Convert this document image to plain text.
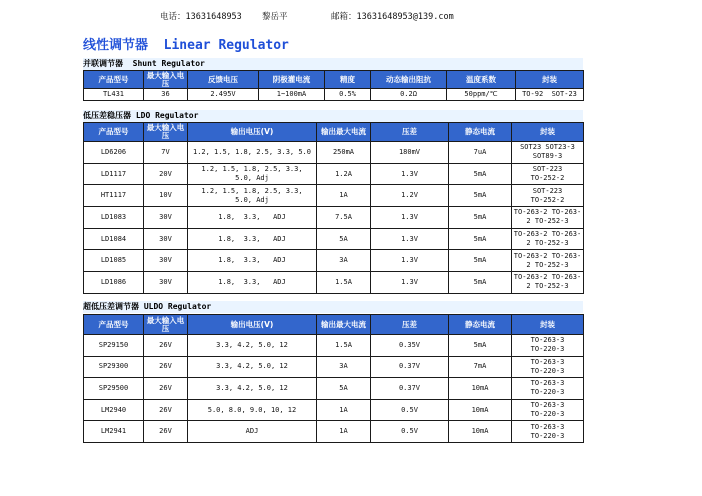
电话：13631648953 黎岳平	邮箱：13631648953@139.com
线性调节器  Linear Regulator
并联调节器  Shunt Regulator
产品型号	最大输入电压	反馈电压	阴极灌电流	精度	动态输出阻抗	温度系数	封装
TL431	36	2.495V	1~100mA	0.5%	0.2Ω	50ppm/℃	TO-92  SOT-23
低压差稳压器 LDO Regulator
产品型号	最大输入电压	输出电压(V)	输出最大电流	压差	静态电流	封装
LD6206	7V	1.2, 1.5, 1.8, 2.5, 3.3, 5.0	250mA	180mV	7uA	SOT23 SOT23-3 SOT89-3
LD1117	20V	1.2, 1.5, 1.8, 2.5, 3.3,
5.0, Adj	1.2A	1.3V	5mA	SOT-223
TO-252-2
HT1117	10V	1.2, 1.5, 1.8, 2.5, 3.3,
5.0, Adj	1A	1.2V	5mA	SOT-223
TO-252-2
LD1083	30V	1.8,  3.3,   ADJ	7.5A	1.3V	5mA	TO-263-2 TO-263-2 TO-252-3
LD1084	30V	1.8,  3.3,   ADJ	5A	1.3V	5mA	TO-263-2 TO-263-2 TO-252-3
LD1085	30V	1.8,  3.3,   ADJ	3A	1.3V	5mA	TO-263-2 TO-263-2 TO-252-3
LD1086	30V	1.8,  3.3,   ADJ	1.5A	1.3V	5mA	TO-263-2 TO-263-2 TO-252-3
超低压差调节器 ULDO Regulator
产品型号	最大输入电压	输出电压(V)	输出最大电流	压差	静态电流	封装
SP29150	26V	3.3, 4.2, 5.0, 12	1.5A	0.35V	5mA	TO-263-3
TO-220-3
SP29300	26V	3.3, 4.2, 5.0, 12	3A	0.37V	7mA	TO-263-3
TO-220-3
SP29500	26V	3.3, 4.2, 5.0, 12	5A	0.37V	10mA	TO-263-3
TO-220-3
LM2940	26V	5.0, 8.0, 9.0, 10, 12	1A	0.5V	10mA	TO-263-3
TO-220-3
LM2941	26V	ADJ	1A	0.5V	10mA	TO-263-3
TO-220-3
